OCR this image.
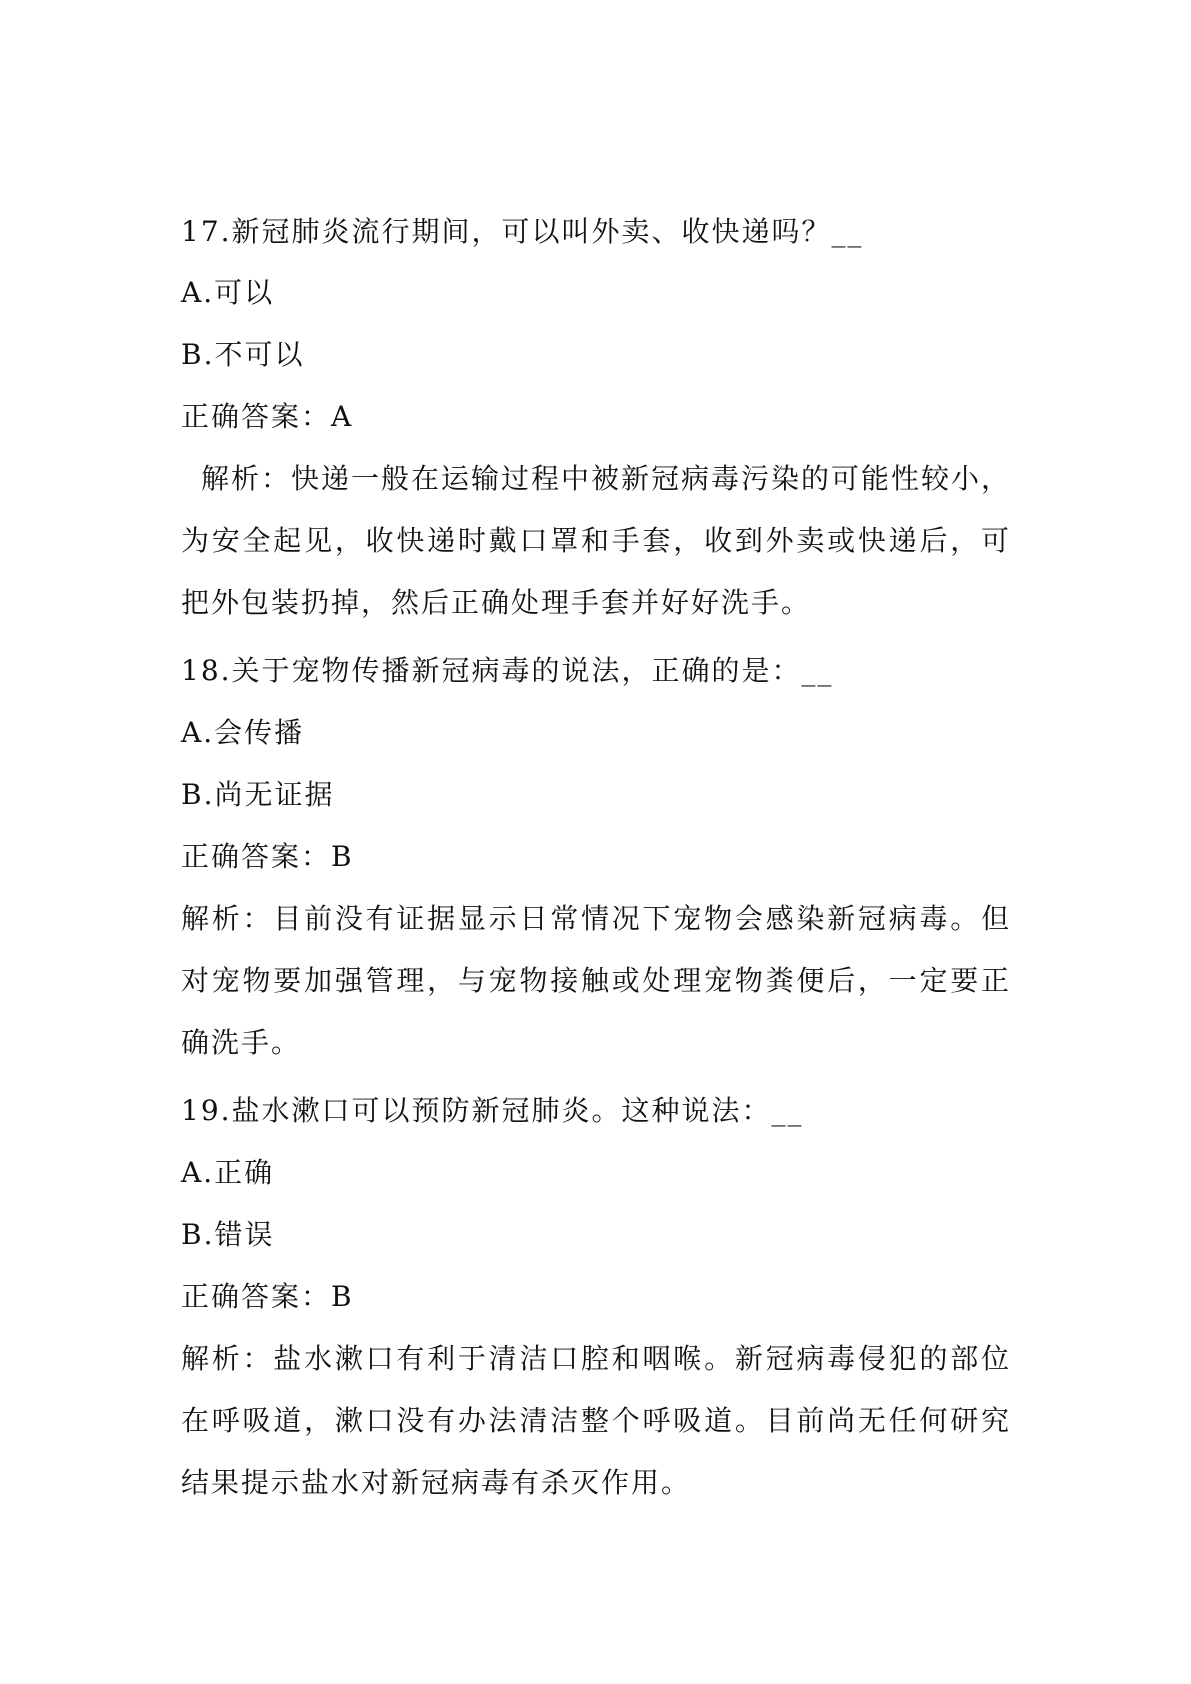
17.新冠肺炎流行期间，可以叫外卖、收快递吗？__
A.可以
B.不可以
正确答案：A
解析：快递一般在运输过程中被新冠病毒污染的可能性较小，为安全起见，收快递时戴口罩和手套，收到外卖或快递后，可把外包装扔掉，然后正确处理手套并好好洗手。
18.关于宠物传播新冠病毒的说法，正确的是：__
A.会传播
B.尚无证据
正确答案：B
解析：目前没有证据显示日常情况下宠物会感染新冠病毒。但对宠物要加强管理，与宠物接触或处理宠物粪便后，一定要正确洗手。
19.盐水漱口可以预防新冠肺炎。这种说法：__
A.正确
B.错误
正确答案：B
解析：盐水漱口有利于清洁口腔和咽喉。新冠病毒侵犯的部位在呼吸道，漱口没有办法清洁整个呼吸道。目前尚无任何研究结果提示盐水对新冠病毒有杀灭作用。
